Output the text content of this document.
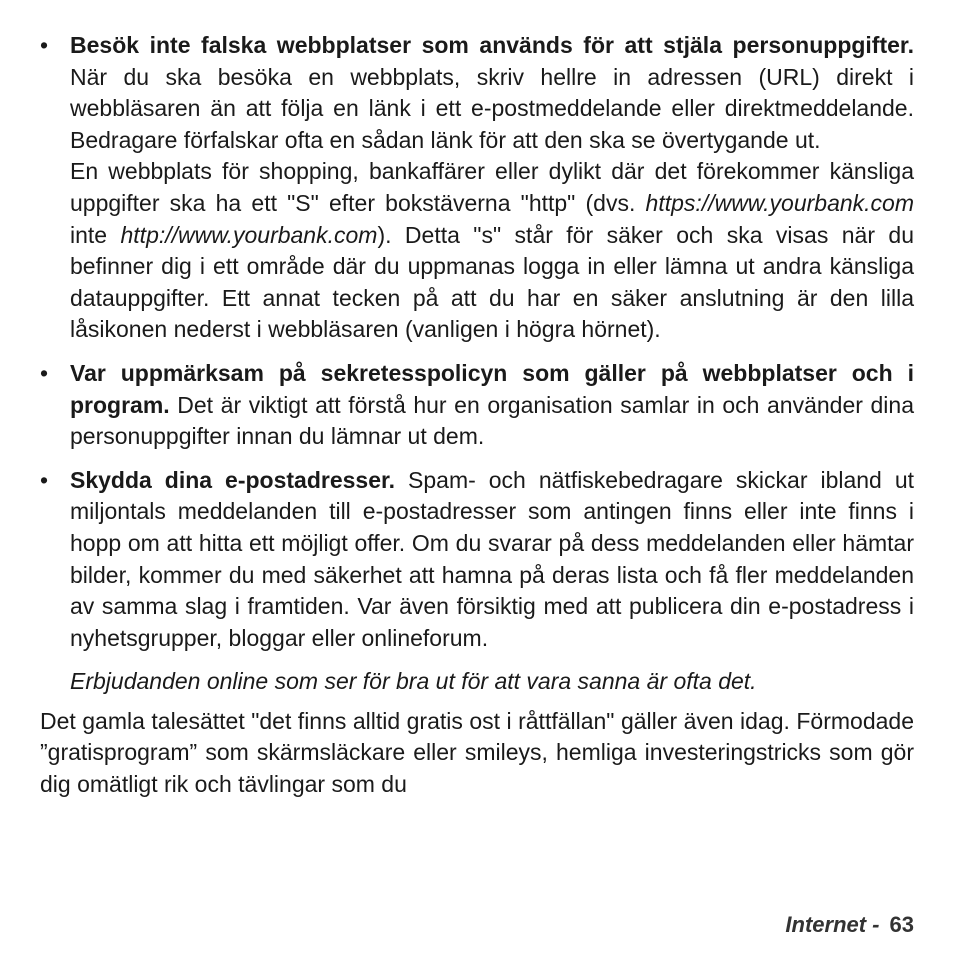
• Besök inte falska webbplatser som används för att stjäla personuppgifter. När du ska besöka en webbplats, skriv hellre in adressen (URL) direkt i webbläsaren än att följa en länk i ett e-postmeddelande eller direktmeddelande. Bedragare förfalskar ofta en sådan länk för att den ska se övertygande ut.

En webbplats för shopping, bankaffärer eller dylikt där det förekommer känsliga uppgifter ska ha ett "S" efter bokstäverna "http" (dvs. https://www.yourbank.com inte http://www.yourbank.com). Detta "s" står för säker och ska visas när du befinner dig i ett område där du uppmanas logga in eller lämna ut andra känsliga datauppgifter. Ett annat tecken på att du har en säker anslutning är den lilla låsikonen nederst i webbläsaren (vanligen i högra hörnet).

• Var uppmärksam på sekretesspolicyn som gäller på webbplatser och i program. Det är viktigt att förstå hur en organisation samlar in och använder dina personuppgifter innan du lämnar ut dem.

• Skydda dina e-postadresser. Spam- och nätfiskebedragare skickar ibland ut miljontals meddelanden till e-postadresser som antingen finns eller inte finns i hopp om att hitta ett möjligt offer. Om du svarar på dess meddelanden eller hämtar bilder, kommer du med säkerhet att hamna på deras lista och få fler meddelanden av samma slag i framtiden. Var även försiktig med att publicera din e-postadress i nyhetsgrupper, bloggar eller onlineforum.

Erbjudanden online som ser för bra ut för att vara sanna är ofta det.

Det gamla talesättet "det finns alltid gratis ost i råttfällan" gäller även idag. Förmodade ”gratisprogram” som skärmsläckare eller smileys, hemliga investeringstricks som gör dig omätligt rik och tävlingar som du

Internet - 63
